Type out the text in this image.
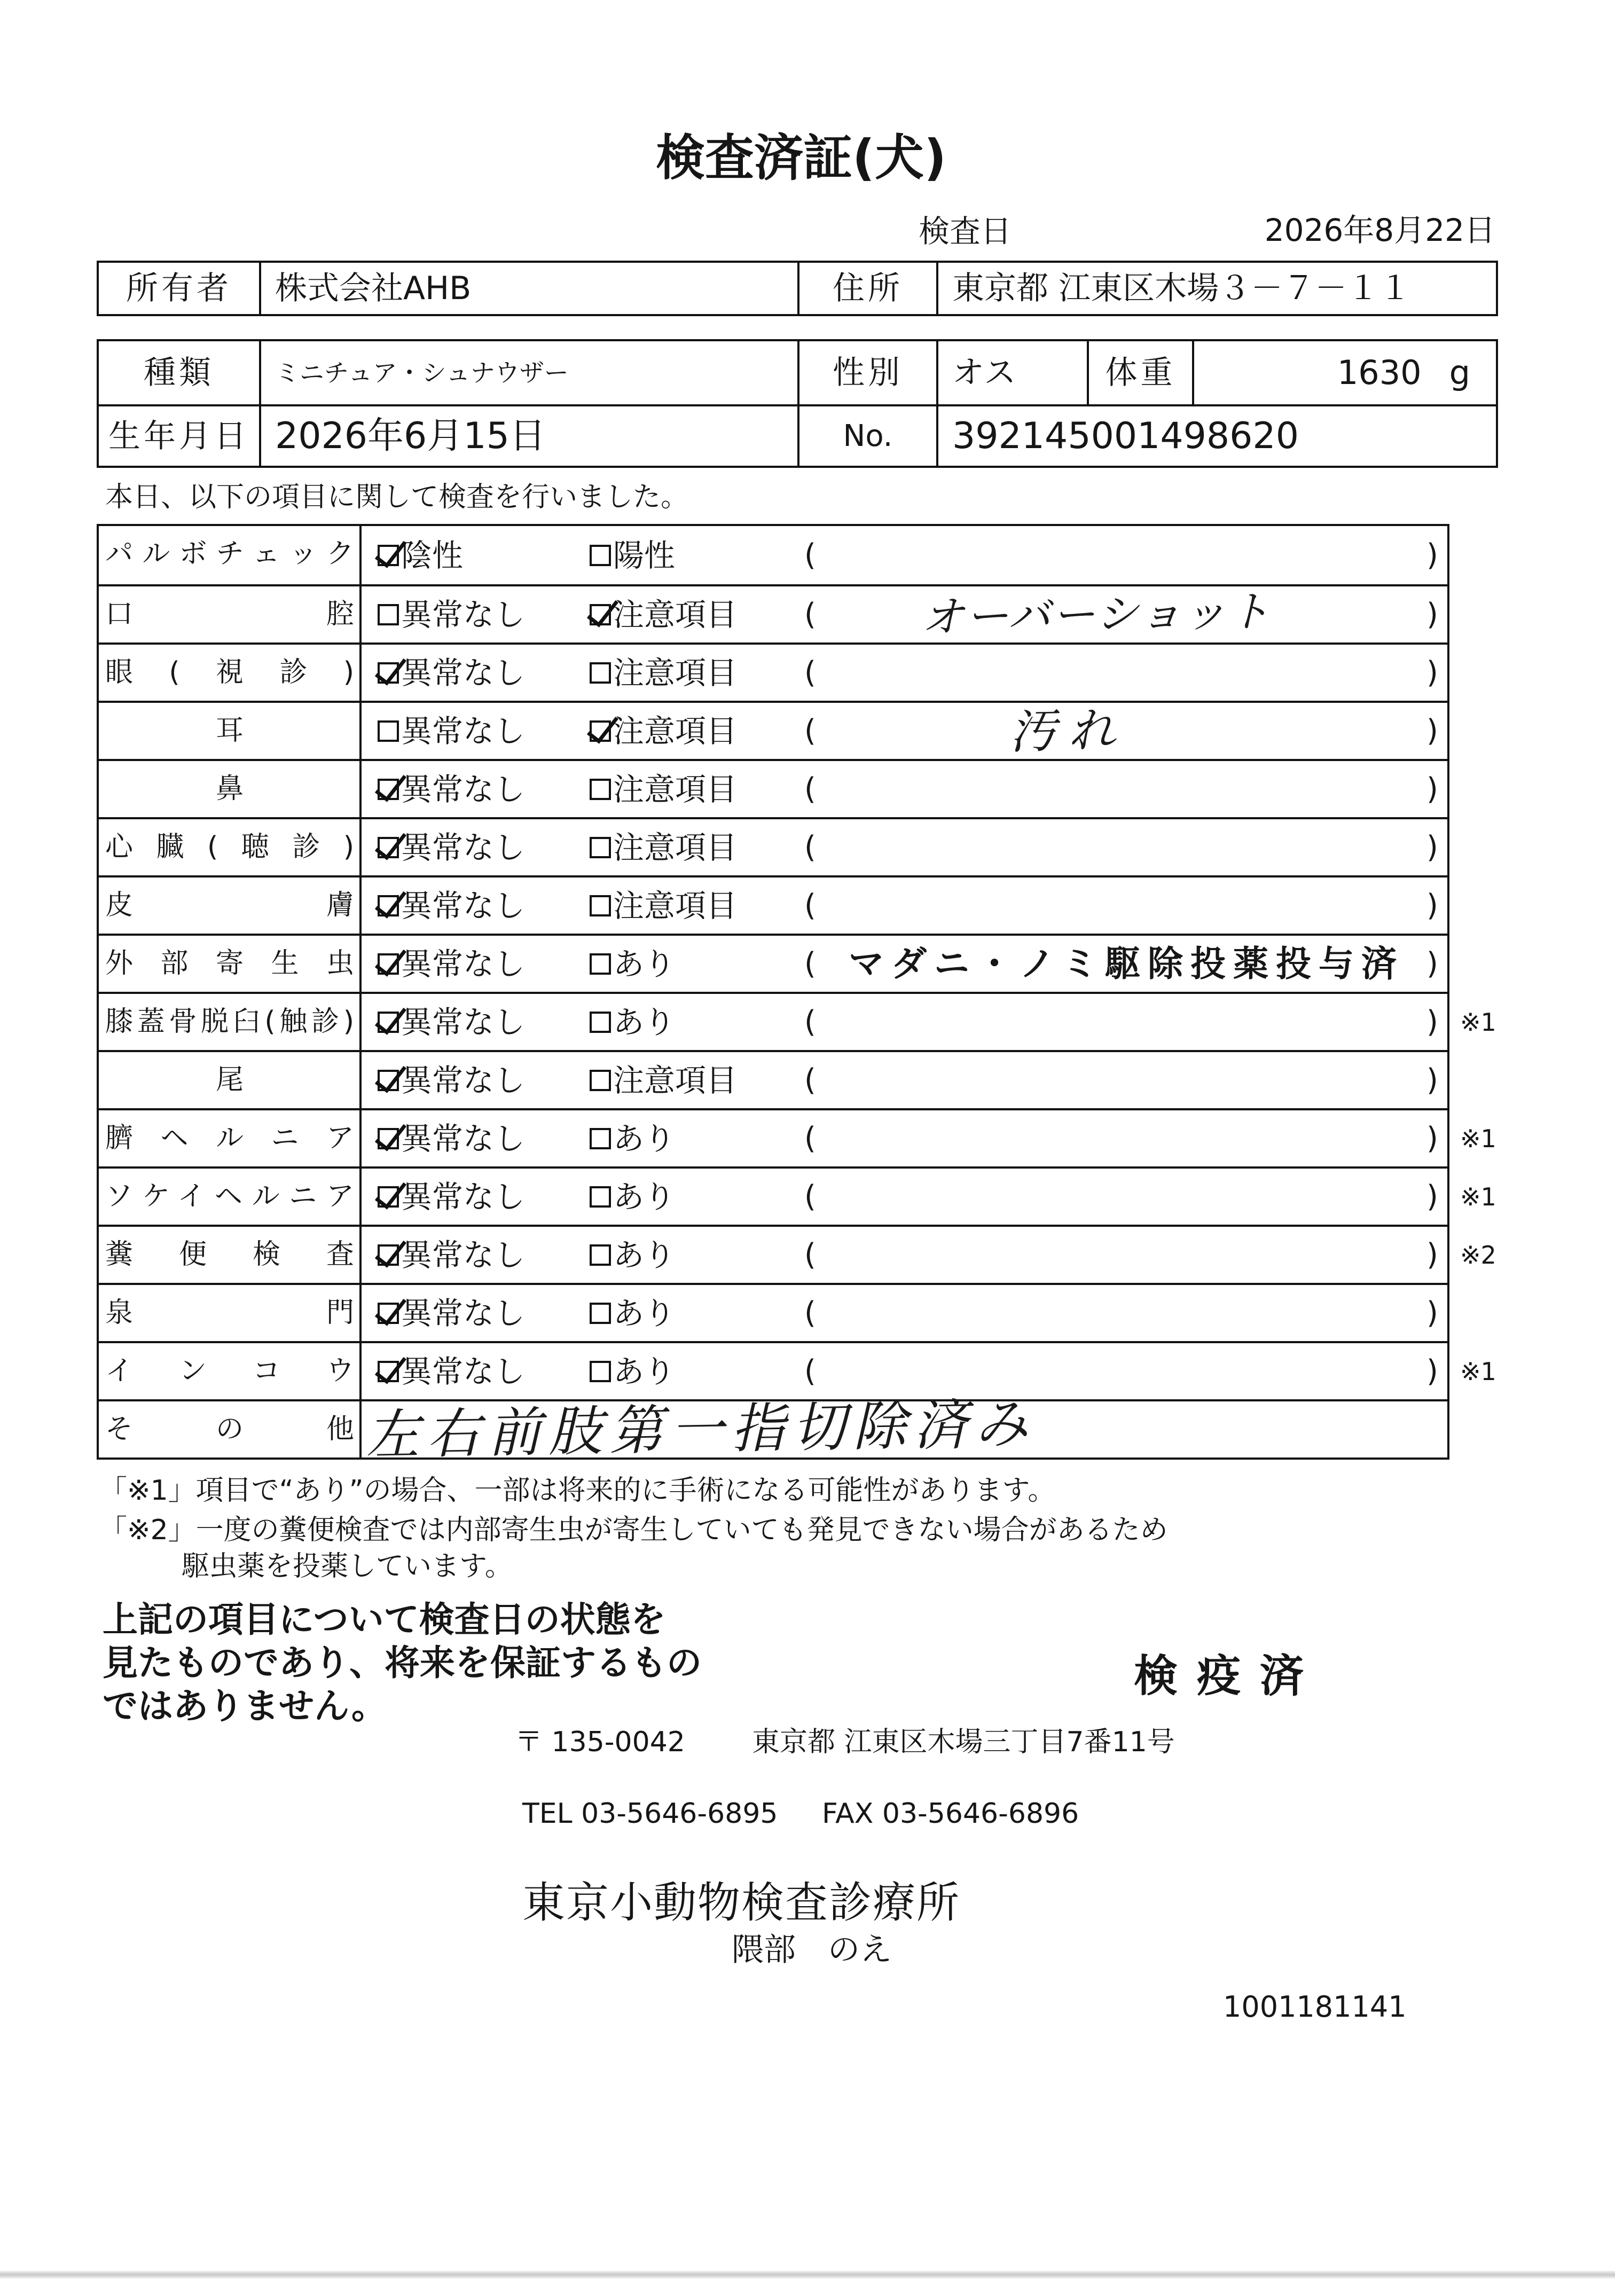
検査済証(犬)
検査日	2026年8月22日
所有者	株式会社AHB	住所	東京都 江東区木場３－７－１１
種類	ミニチュア・シュナウザー	性別	オス	体重	1630 g
生年月日 2026年6月15日	No.	392145001498620
本日、以下の項目に関して検査を行いました。
パルボチェック 陰性	陽性	(	)
口腔 異常なし	注意項目 ( オーバーショット	)
眼(視診) 異常なし	注意項目 (	)
耳	異常なし	注意項目 (	汚れ	)
鼻	異常なし	注意項目 (	)
心臓(聴診) 異常なし	注意項目 (	)
皮膚 異常なし	注意項目 (	)
外部寄生虫 異常なし	あり	( マダニ・ノミ駆除投薬投与済 )
膝蓋骨脱臼(触診) 異常なし	あり	(	) ※1
尾	異常なし	注意項目 (	)
臍ヘルニア 異常なし	あり	(	) ※1
ソケイヘルニア 異常なし	あり	(	) ※1
糞便検査 異常なし	あり	(	) ※2
泉門 異常なし	あり	(	)
インコウ 異常なし	あり	(	) ※1
その他 左右前肢第一指切除済み
「※1」項目で“あり”の場合、一部は将来的に手術になる可能性があります。
「※2」一度の糞便検査では内部寄生虫が寄生していても発見できない場合があるため
駆虫薬を投薬しています。
上記の項目について検査日の状態を
見たものであり、将来を保証するもの
ではありません。
検疫済
〒 135-0042 東京都 江東区木場三丁目7番11号
TEL 03-5646-6895 FAX 03-5646-6896
東京小動物検査診療所
隈部　のえ
1001181141
